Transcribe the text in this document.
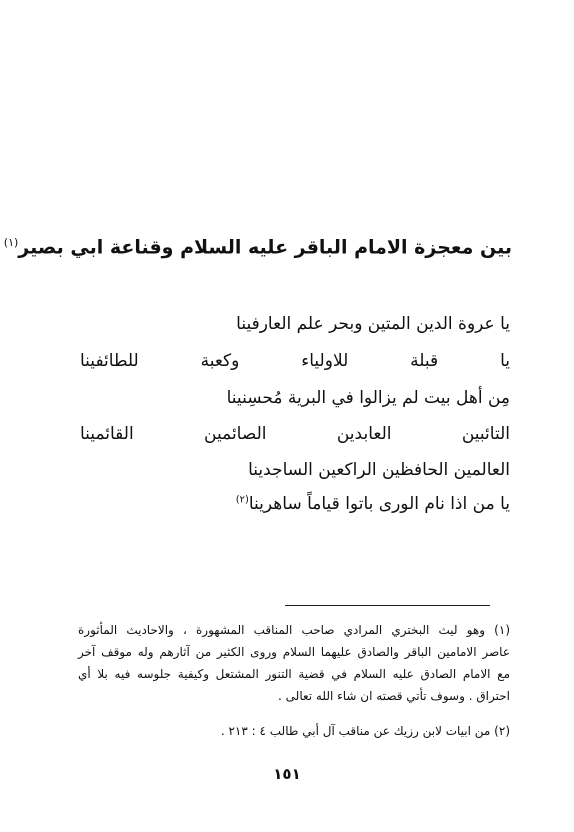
بين معجزة الامام الباقر عليه السلام وقناعة ابي بصير$^{(١)}$
يا عروة الدين المتين وبحر علم العارفينا
يا قبلة للاولياء وكعبة للطائفينا
مِن أهل بيت لم يزالوا في البرية مُحسِنينا
التائبين العابدين الصائمين القائمينا
العالمين الحافظين الراكعين الساجدينا
يا من اذا نام الورى باتوا قياماً ساهرينا$^{(٢)}$
(١) وهو ليث البختري المرادي صاحب المناقب المشهورة ، والاحاديث المأثورة
عاصر الامامين الباقر والصادق عليهما السلام وروى الكثير من آثارهم وله موقف آخر
مع الامام الصادق عليه السلام في قضية التنور المشتعل وكيفية جلوسه فيه بلا أي
احتراق . وسوف تأتي قصته ان شاء الله تعالى .
(٢) من ابيات لابن رزيك عن مناقب آل أبي طالب ٤ : ٢١٣ .
١٥١
